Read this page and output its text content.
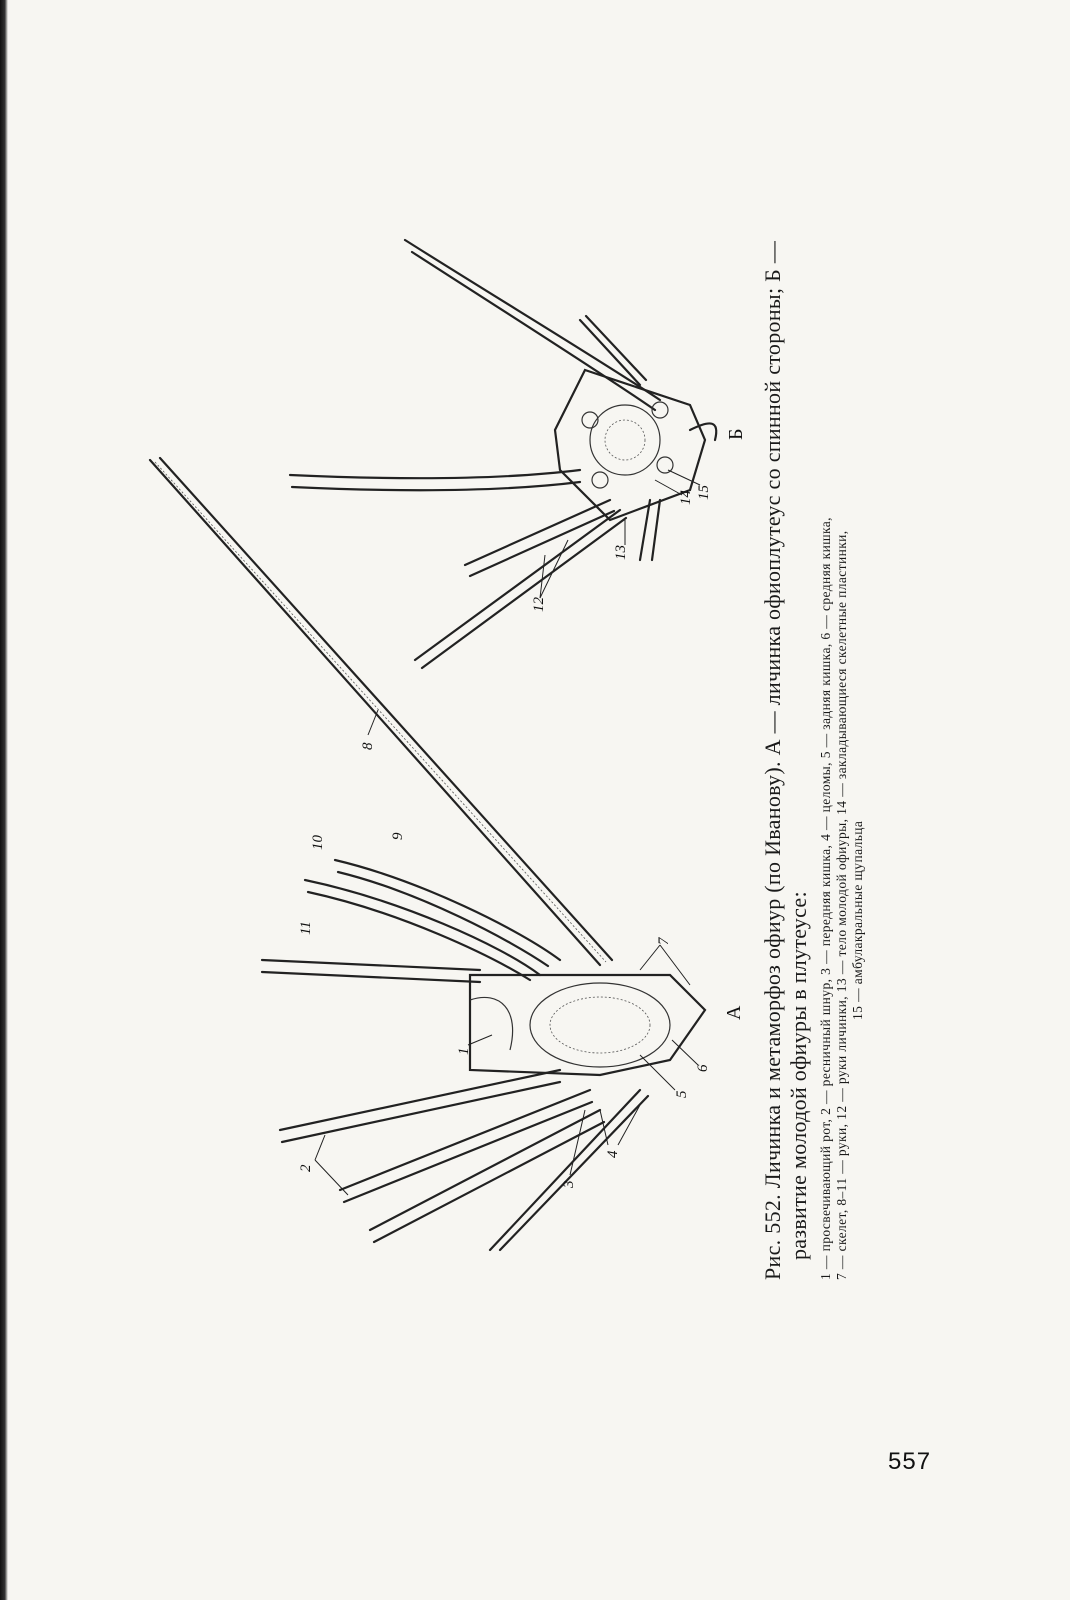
1
2
3
4
5
6
7
8
9
10
11
12
13
14 15
А
Б Рис. 552. Личинка и метаморфоз офиур (по Иванову). А — личинка офиоплутеус со спинной стороны; Б — развитие молодой офиуры в плутеусе: 1 — просвечивающий рот, 2 — ресничный шнур, 3 — передняя кишка, 4 — целомы, 5 — задняя кишка, 6 — средняя кишка,
7 — скелет, 8–11 — руки, 12 — руки личинки, 13 — тело молодой офиуры, 14 — закладывающиеся скелетные пластинки, 15 — амбулакральные щупальца

557
